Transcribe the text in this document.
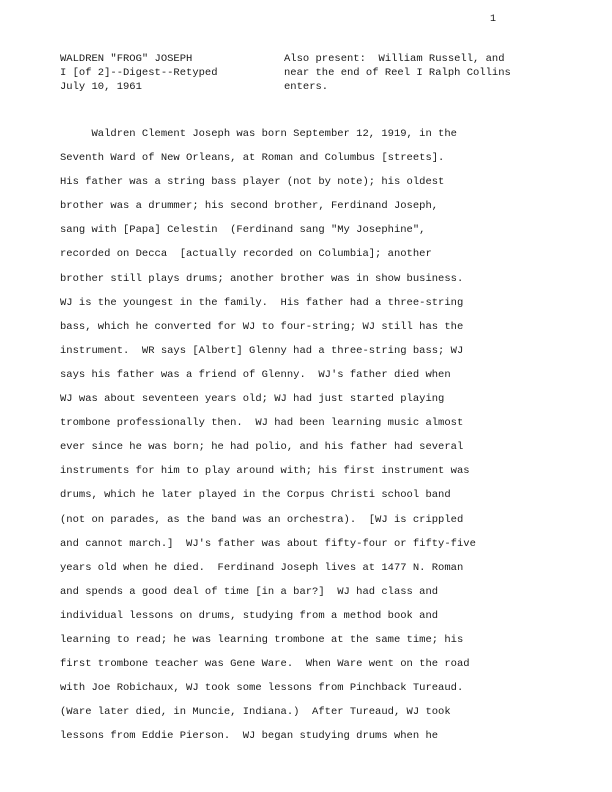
1
WALDREN "FROG" JOSEPH
I [of 2]--Digest--Retyped
July 10, 1961
Also present:  William Russell, and
near the end of Reel I Ralph Collins
enters.
Waldren Clement Joseph was born September 12, 1919, in the
Seventh Ward of New Orleans, at Roman and Columbus [streets].
His father was a string bass player (not by note); his oldest
brother was a drummer; his second brother, Ferdinand Joseph,
sang with [Papa] Celestin  (Ferdinand sang "My Josephine",
recorded on Decca  [actually recorded on Columbia]; another
brother still plays drums; another brother was in show business.
WJ is the youngest in the family.  His father had a three-string
bass, which he converted for WJ to four-string; WJ still has the
instrument.  WR says [Albert] Glenny had a three-string bass; WJ
says his father was a friend of Glenny.  WJ's father died when
WJ was about seventeen years old; WJ had just started playing
trombone professionally then.  WJ had been learning music almost
ever since he was born; he had polio, and his father had several
instruments for him to play around with; his first instrument was
drums, which he later played in the Corpus Christi school band
(not on parades, as the band was an orchestra).  [WJ is crippled
and cannot march.]  WJ's father was about fifty-four or fifty-five
years old when he died.  Ferdinand Joseph lives at 1477 N. Roman
and spends a good deal of time [in a bar?]  WJ had class and
individual lessons on drums, studying from a method book and
learning to read; he was learning trombone at the same time; his
first trombone teacher was Gene Ware.  When Ware went on the road
with Joe Robichaux, WJ took some lessons from Pinchback Tureaud.
(Ware later died, in Muncie, Indiana.)  After Tureaud, WJ took
lessons from Eddie Pierson.  WJ began studying drums when he
